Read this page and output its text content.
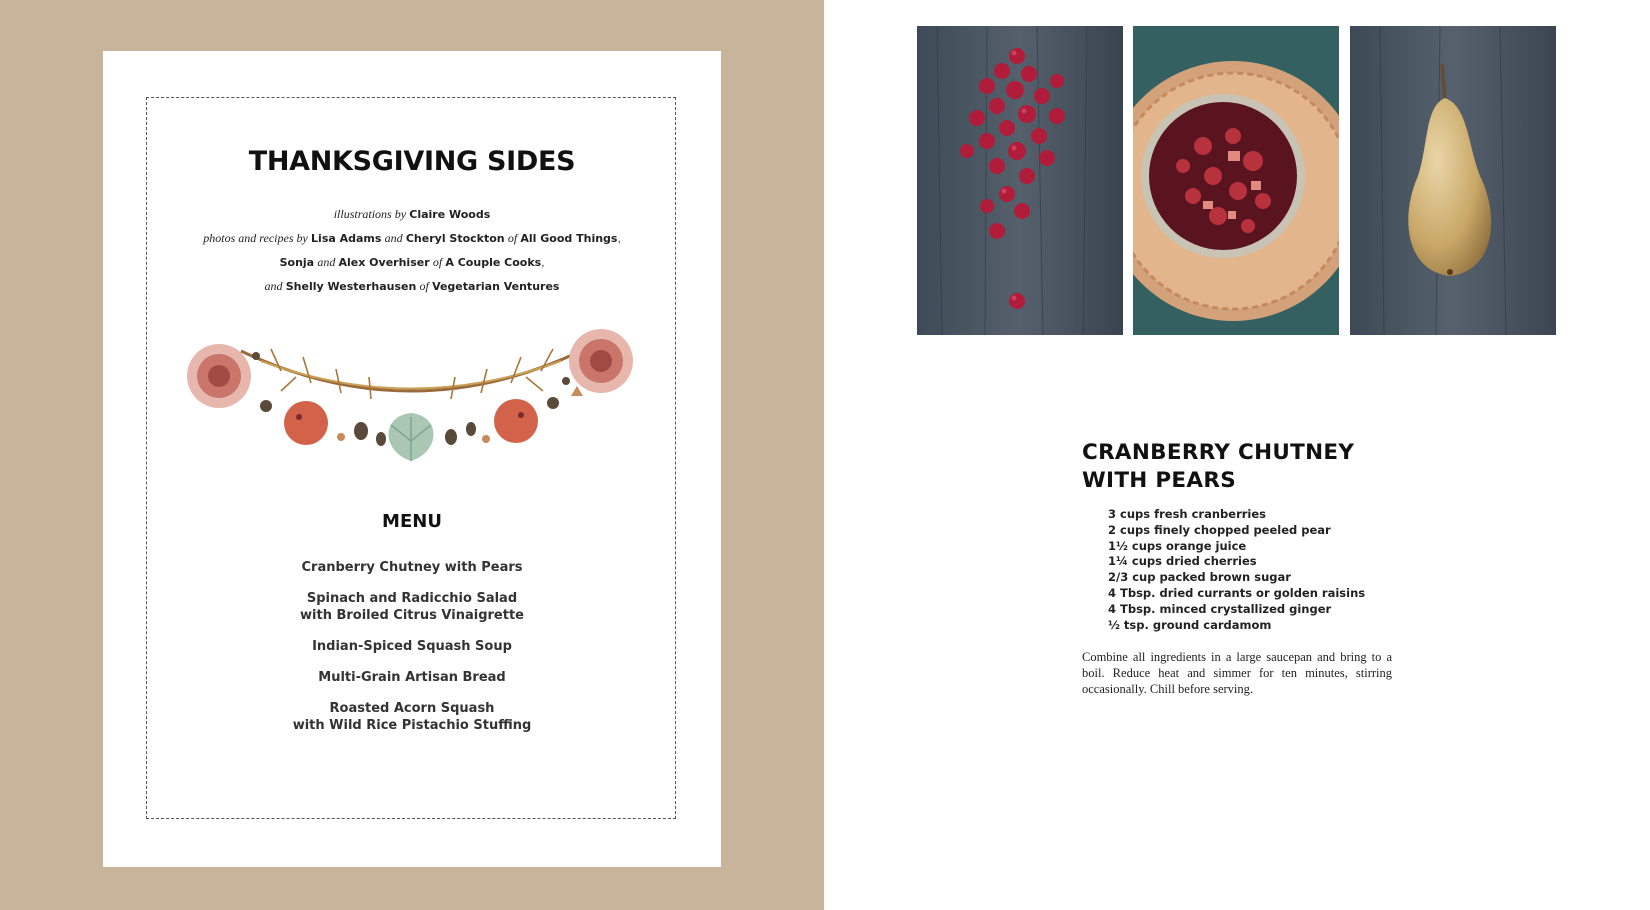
THANKSGIVING SIDES
illustrations by Claire Woods
photos and recipes by Lisa Adams and Cheryl Stockton of All Good Things,
Sonja and Alex Overhiser of A Couple Cooks,
and Shelly Westerhausen of Vegetarian Ventures
MENU
Cranberry Chutney with Pears
Spinach and Radicchio Salad
with Broiled Citrus Vinaigrette
Indian-Spiced Squash Soup
Multi-Grain Artisan Bread
Roasted Acorn Squash
with Wild Rice Pistachio Stuffing
CRANBERRY CHUTNEY
WITH PEARS
3 cups fresh cranberries
2 cups finely chopped peeled pear
1½ cups orange juice
1¼ cups dried cherries
2/3 cup packed brown sugar
4 Tbsp. dried currants or golden raisins
4 Tbsp. minced crystallized ginger
½ tsp. ground cardamom

Combine all ingredients in a large saucepan and bring to a boil. Reduce heat and simmer for ten minutes, stirring occasionally. Chill before serving.
